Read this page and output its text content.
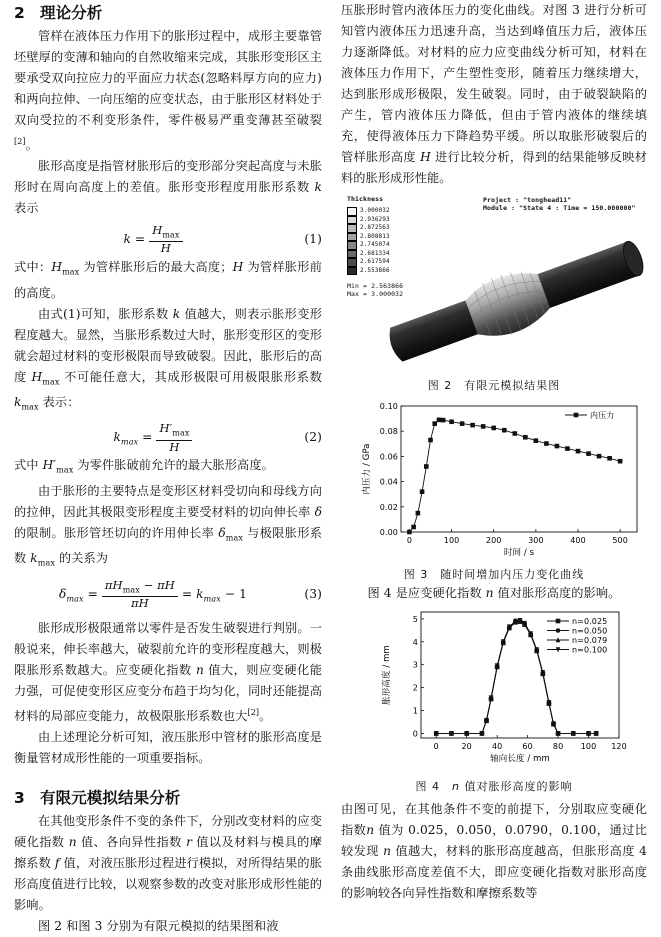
2 理论分析

管样在液体压力作用下的胀形过程中，成形主要靠管坯壁厚的变薄和轴向的自然收缩来完成，其胀形变形区主要承受双向拉应力的平面应力状态(忽略料厚方向的应力)和两向拉伸、一向压缩的应变状态，由于胀形区材料处于双向受拉的不利变形条件，零件极易严重变薄甚至破裂[2]。

胀形高度是指管材胀形后的变形部分突起高度与未胀形时在周向高度上的差值。胀形变形程度用胀形系数 k 表示

$k = \frac{H_{max}}{H}$	(1)

式中：$H_{max}$ 为管样胀形后的最大高度；H 为管样胀形前的高度。

由式(1)可知，胀形系数 k 值越大，则表示胀形变形程度越大。显然，当胀形系数过大时，胀形变形区的变形就会超过材料的变形极限而导致破裂。因此，胀形后的高度 $H_{max}$ 不可能任意大，其成形极限可用极限胀形系数 $k_{max}$ 表示：

$k_{max} = \frac{H'_{max}}{H}$	(2)

式中 $H'_{max}$ 为零件胀破前允许的最大胀形高度。

由于胀形的主要特点是变形区材料受切向和母线方向的拉伸，因此其极限变形程度主要受材料的切向伸长率 δ 的限制。胀形管坯切向的许用伸长率 $\delta_{max}$ 与极限胀形系数 $k_{max}$ 的关系为

$\delta_{max} = \frac{\pi H_{max} - \pi H}{\pi H} = k_{max} - 1$	(3)

胀形成形极限通常以零件是否发生破裂进行判别。一般说来，伸长率越大，破裂前允许的变形程度越大，则极限胀形系数越大。应变硬化指数 n 值大，则应变硬化能力强，可促使变形区应变分布趋于均匀化，同时还能提高材料的局部应变能力，故极限胀形系数也大[2]。

由上述理论分析可知，液压胀形中管材的胀形高度是衡量管材成形性能的一项重要指标。

3 有限元模拟结果分析

在其他变形条件不变的条件下，分别改变材料的应变硬化指数 n 值、各向异性指数 r 值以及材料与模具的摩擦系数 f 值，对液压胀形过程进行模拟，对所得结果的胀形高度值进行比较，以观察参数的改变对胀形成形性能的影响。

图 2 和图 3 分别为有限元模拟的结果图和液

压胀形时管内液体压力的变化曲线。对图 3 进行分析可知管内液体压力迅速升高，当达到峰值压力后，液体压力逐渐降低。对材料的应力应变曲线分析可知，材料在液体压力作用下，产生塑性变形，随着压力继续增大，达到胀形成形极限，发生破裂。同时，由于破裂缺陷的产生，管内液体压力降低，但由于管内液体的继续填充，使得液体压力下降趋势平缓。所以取胀形破裂后的管样胀形高度 H 进行比较分析，得到的结果能够反映材料的胀形成形性能。

Thickness
3.000032
2.936293
2.872563
2.808813
2.745074
2.681334
2.617594
2.553866
Min = 2.563866
Max = 3.000032
Project : "tonghead11"
Module : "State 4 : Time = 150.000000"
图 2　有限元模拟结果图
0	100	200	300	400	500
0.00
0.02
0.04
0.06
0.08
0.10
时间 / s
内压力 / GPa
内压力
图 3　随时间增加内压力变化曲线

图 4 是应变硬化指数 n 值对胀形高度的影响。

0	20	40	60	80 100 120
0
1
2
3
4
5
轴向长度 / mm
胀形高度 / mm
n=0.025
n=0.050
n=0.079
n=0.100
图 4　n 值对胀形高度的影响

由图可见，在其他条件不变的前提下，分别取应变硬化指数n 值为 0.025，0.050，0.0790，0.100，通过比较发现 n 值越大，材料的胀形高度越高，但胀形高度 4 条曲线胀形高度差值不大，即应变硬化指数对胀形高度的影响较各向异性指数和摩擦系数等
